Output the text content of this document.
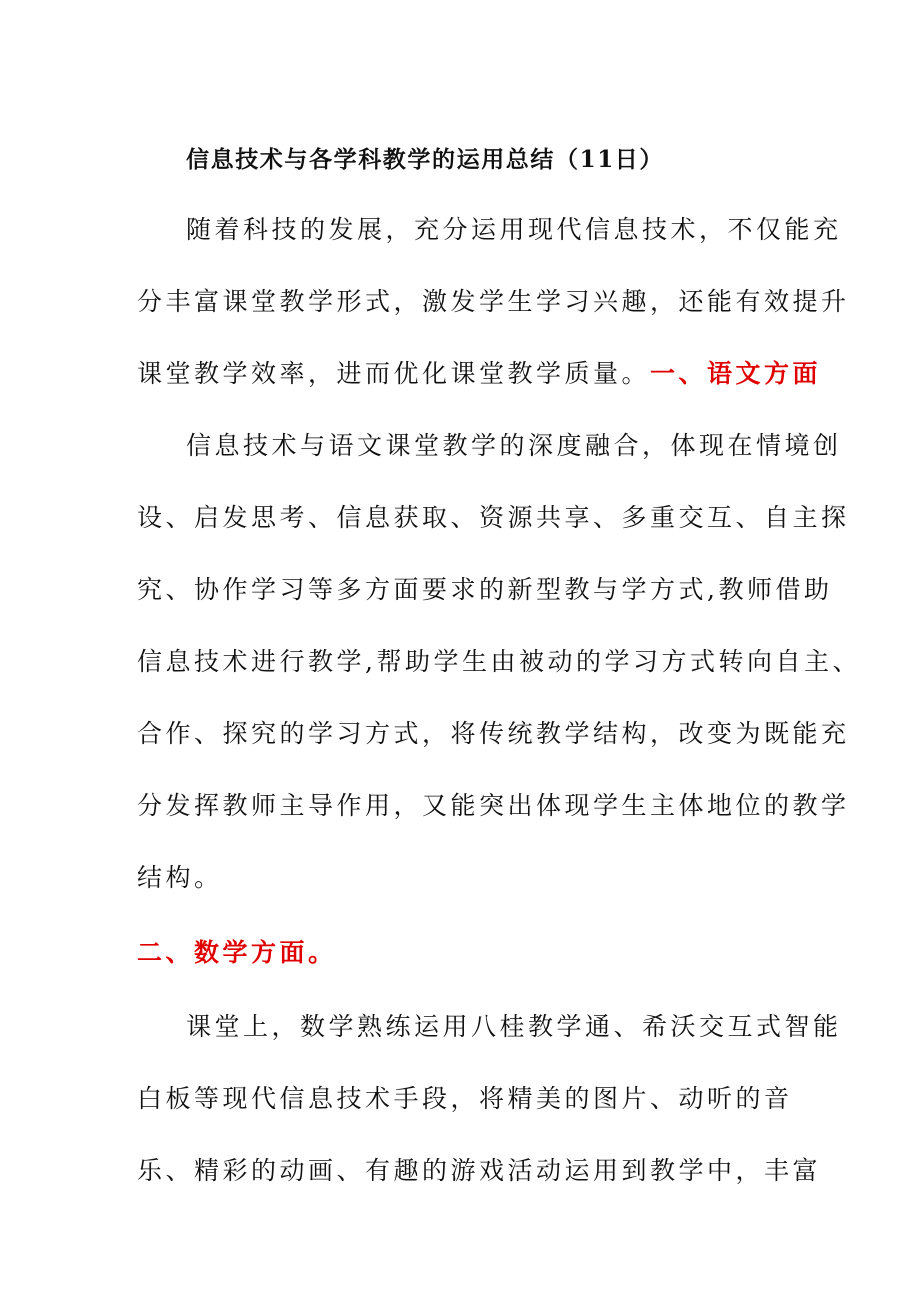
信息技术与各学科教学的运用总结（11日）
随着科技的发展，充分运用现代信息技术，不仅能充
分丰富课堂教学形式，激发学生学习兴趣，还能有效提升
课堂教学效率，进而优化课堂教学质量。一、语文方面
信息技术与语文课堂教学的深度融合，体现在情境创
设、启发思考、信息获取、资源共享、多重交互、自主探
究、协作学习等多方面要求的新型教与学方式,教师借助
信息技术进行教学,帮助学生由被动的学习方式转向自主、
合作、探究的学习方式，将传统教学结构，改变为既能充
分发挥教师主导作用，又能突出体现学生主体地位的教学
结构。
二、数学方面。
课堂上，数学熟练运用八桂教学通、希沃交互式智能
白板等现代信息技术手段，将精美的图片、动听的音
乐、精彩的动画、有趣的游戏活动运用到教学中，丰富
